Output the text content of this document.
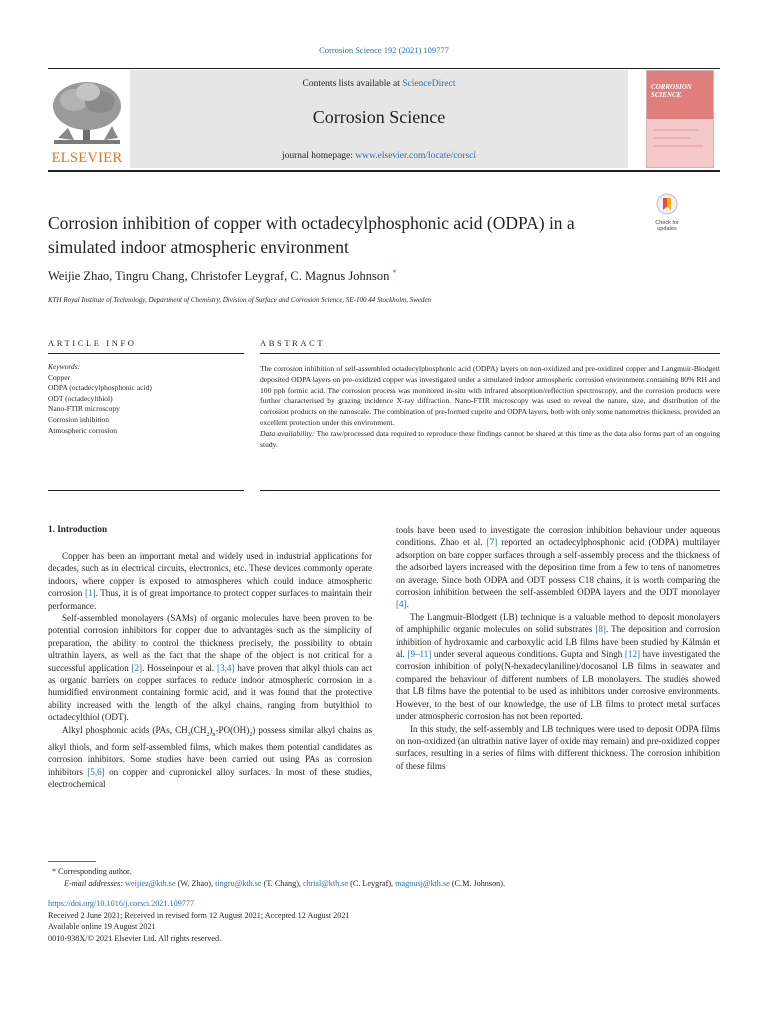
Corrosion Science 192 (2021) 109777
ELSEVIER
Contents lists available at ScienceDirect
Corrosion Science
journal homepage: www.elsevier.com/locate/corsci
CORROSION
SCIENCE
Check for
updates
Corrosion inhibition of copper with octadecylphosphonic acid (ODPA) in a
simulated indoor atmospheric environment
Weijie Zhao, Tingru Chang, Christofer Leygraf, C. Magnus Johnson *
KTH Royal Institute of Technology, Department of Chemistry, Division of Surface and Corrosion Science, SE-100 44 Stockholm, Sweden
ARTICLE INFO	ABSTRACT
Keywords:
Copper
ODPA (octadecylphosphonic acid)
ODT (octadecylthiol)
Nano-FTIR microscopy
Corrosion inhibition
Atmospheric corrosion
The corrosion inhibition of self-assembled octadecylphosphonic acid (ODPA) layers on non-oxidized and pre-oxidized copper and Langmuir-Blodgett deposited ODPA layers on pre-oxidized copper was investigated under a simulated indoor atmospheric corrosion environment containing 80% RH and 100 ppb formic acid. The corrosion process was monitored in-situ with infrared absorption/reflection spectroscopy, and the corrosion products were further characterised by grazing incidence X-ray diffraction. Nano-FTIR microscopy was used to reveal the nature, size, and distribution of the corrosion products on the nanoscale. The combination of pre-formed cuprite and ODPA layers, both with only some nanometres thickness, provided an excellent protection under this environment.
Data availability: The raw/processed data required to reproduce these findings cannot be shared at this time as the data also forms part of an ongoing study.
1. Introduction

Copper has been an important metal and widely used in industrial applications for decades, such as in electrical circuits, electronics, etc. These devices commonly operate indoors, where copper is exposed to atmospheres which could induce atmospheric corrosion [1]. Thus, it is of great importance to protect copper surfaces to maintain their performance.

Self-assembled monolayers (SAMs) of organic molecules have been proven to be potential corrosion inhibitors for copper due to advantages such as the simplicity of preparation, the ability to control the thickness precisely, the possibility to obtain ultrathin layers, as well as the fact that the shape of the object is not critical for a successful application [2]. Hosseinpour et al. [3,4] have proven that alkyl thiols can act as organic barriers on copper surfaces to reduce indoor atmospheric corrosion in a humidified environment containing formic acid, and it was found that the protective ability increased with the length of the alkyl chains, ranging from butylthiol to octadecylthiol (ODT).

Alkyl phosphonic acids (PAs, $CH_3(CH_2)_n-PO(OH)_2$) possess similar alkyl chains as alkyl thiols, and form self-assembled films, which makes them potential candidates as corrosion inhibitors. Some studies have been carried out using PAs as corrosion inhibitors [5,6] on copper and cupronickel alloy surfaces. In most of these studies, electrochemical

tools have been used to investigate the corrosion inhibition behaviour under aqueous conditions. Zhao et al. [7] reported an octadecylphosphonic acid (ODPA) multilayer adsorption on bare copper surfaces through a self-assembly process and the thickness of the adsorbed layers increased with the deposition time from a few to tens of nanometres on average. Since both ODPA and ODT possess C18 chains, it is worth comparing the corrosion inhibition between the self-assembled ODPA layers and the ODT monolayer [4].

The Langmuir-Blodgett (LB) technique is a valuable method to deposit monolayers of amphiphilic organic molecules on solid substrates [8]. The deposition and corrosion inhibition of hydroxamic and carboxylic acid LB films have been studied by Kálmán et al. [9–11] under several aqueous conditions. Gupta and Singh [12] have investigated the corrosion inhibition of poly(N-hexadecylaniline)/docosanol LB films in seawater and compared the behaviour of different numbers of LB monolayers. The studies showed that LB films have the potential to be used as inhibitors under corrosive environments. However, to the best of our knowledge, the use of LB films to protect metal surfaces under atmospheric corrosion has not been reported.

In this study, the self-assembly and LB techniques were used to deposit ODPA films on non-oxidized (an ultrathin native layer of oxide may remain) and pre-oxidized copper surfaces, resulting in a series of films with different thickness. The corrosion inhibition of these films

* Corresponding author.
E-mail addresses: weijiez@kth.se (W. Zhao), tingru@kth.se (T. Chang), chrisl@kth.se (C. Leygraf), magnusj@kth.se (C.M. Johnson).
https://doi.org/10.1016/j.corsci.2021.109777
Received 2 June 2021; Received in revised form 12 August 2021; Accepted 12 August 2021
Available online 19 August 2021
0010-938X/© 2021 Elsevier Ltd. All rights reserved.
